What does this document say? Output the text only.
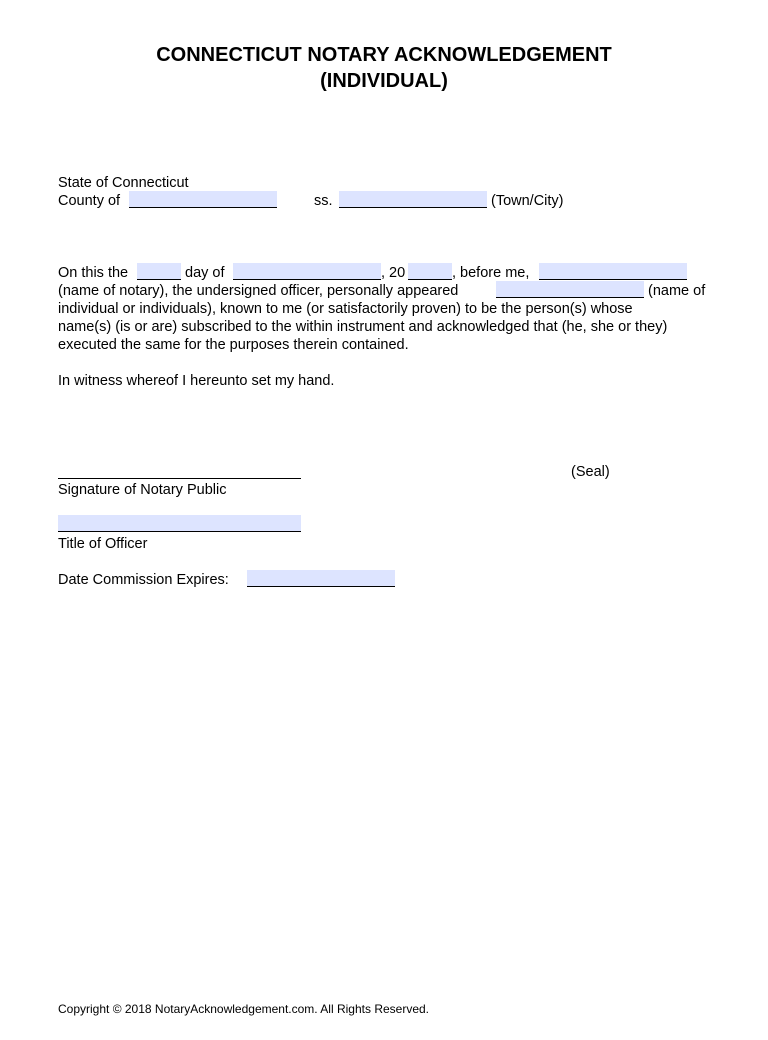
CONNECTICUT NOTARY ACKNOWLEDGEMENT
(INDIVIDUAL)
State of Connecticut
County of	ss.	(Town/City)
On this the	day of	, 20	, before me,
(name of notary), the undersigned officer, personally appeared	(name of
individual or individuals), known to me (or satisfactorily proven) to be the person(s) whose
name(s) (is or are) subscribed to the within instrument and acknowledged that (he, she or they)
executed the same for the purposes therein contained.
In witness whereof I hereunto set my hand.
(Seal)
Signature of Notary Public
Title of Officer
Date Commission Expires:
Copyright © 2018 NotaryAcknowledgement.com. All Rights Reserved.
